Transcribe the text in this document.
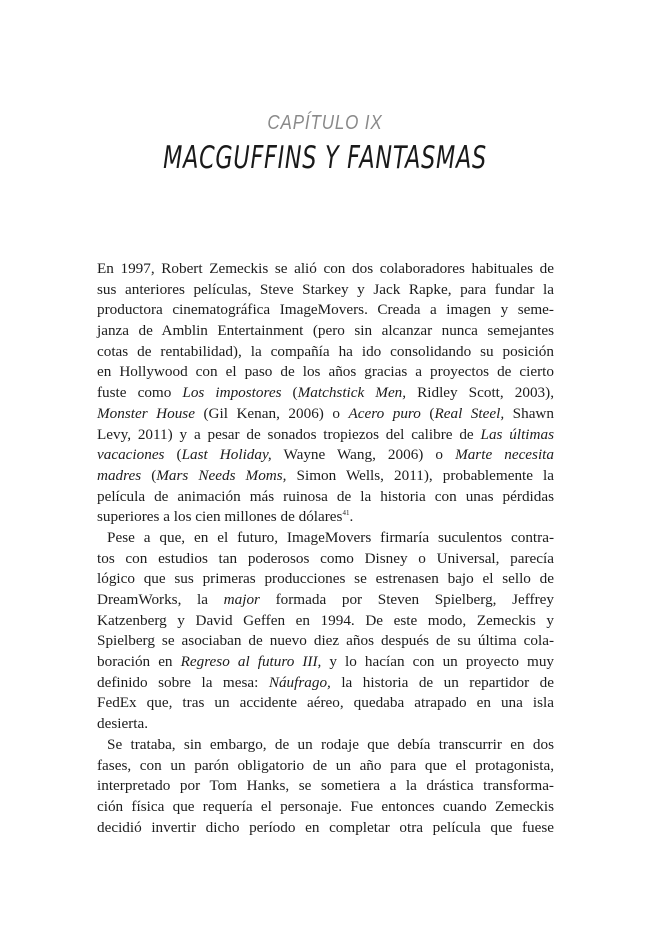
CAPÍTULO IX
MACGUFFINS Y FANTASMAS
En 1997, Robert Zemeckis se alió con dos colaboradores habituales de
sus anteriores películas, Steve Starkey y Jack Rapke, para fundar la
productora cinematográfica ImageMovers. Creada a imagen y seme-
janza de Amblin Entertainment (pero sin alcanzar nunca semejantes
cotas de rentabilidad), la compañía ha ido consolidando su posición
en Hollywood con el paso de los años gracias a proyectos de cierto
fuste como Los impostores (Matchstick Men, Ridley Scott, 2003),
Monster House (Gil Kenan, 2006) o Acero puro (Real Steel, Shawn
Levy, 2011) y a pesar de sonados tropiezos del calibre de Las últimas
vacaciones (Last Holiday, Wayne Wang, 2006) o Marte necesita
madres (Mars Needs Moms, Simon Wells, 2011), probablemente la
película de animación más ruinosa de la historia con unas pérdidas
superiores a los cien millones de dólares$^{41}$.
Pese a que, en el futuro, ImageMovers firmaría suculentos contra-
tos con estudios tan poderosos como Disney o Universal, parecía
lógico que sus primeras producciones se estrenasen bajo el sello de
DreamWorks, la major formada por Steven Spielberg, Jeffrey
Katzenberg y David Geffen en 1994. De este modo, Zemeckis y
Spielberg se asociaban de nuevo diez años después de su última cola-
boración en Regreso al futuro III, y lo hacían con un proyecto muy
definido sobre la mesa: Náufrago, la historia de un repartidor de
FedEx que, tras un accidente aéreo, quedaba atrapado en una isla
desierta.
Se trataba, sin embargo, de un rodaje que debía transcurrir en dos
fases, con un parón obligatorio de un año para que el protagonista,
interpretado por Tom Hanks, se sometiera a la drástica transforma-
ción física que requería el personaje. Fue entonces cuando Zemeckis
decidió invertir dicho período en completar otra película que fuese
